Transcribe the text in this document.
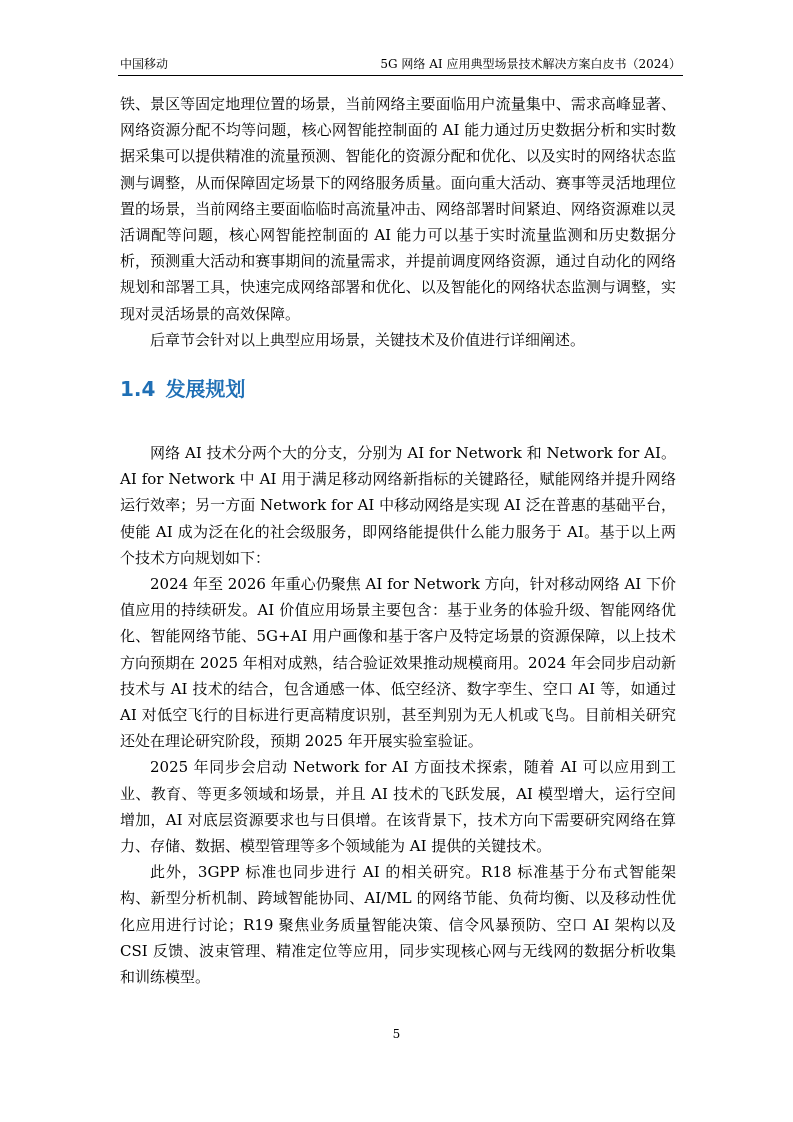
中国移动	5G 网络 AI 应用典型场景技术解决方案白皮书（2024）

铁、景区等固定地理位置的场景，当前网络主要面临用户流量集中、需求高峰显著、网络资源分配不均等问题，核心网智能控制面的 AI 能力通过历史数据分析和实时数据采集可以提供精准的流量预测、智能化的资源分配和优化、以及实时的网络状态监测与调整，从而保障固定场景下的网络服务质量。面向重大活动、赛事等灵活地理位置的场景，当前网络主要面临临时高流量冲击、网络部署时间紧迫、网络资源难以灵活调配等问题，核心网智能控制面的 AI 能力可以基于实时流量监测和历史数据分析，预测重大活动和赛事期间的流量需求，并提前调度网络资源，通过自动化的网络规划和部署工具，快速完成网络部署和优化、以及智能化的网络状态监测与调整，实现对灵活场景的高效保障。

后章节会针对以上典型应用场景，关键技术及价值进行详细阐述。

1.4 发展规划

网络 AI 技术分两个大的分支，分别为 AI for Network 和 Network for AI。AI for Network 中 AI 用于满足移动网络新指标的关键路径，赋能网络并提升网络运行效率；另一方面 Network for AI 中移动网络是实现 AI 泛在普惠的基础平台，使能 AI 成为泛在化的社会级服务，即网络能提供什么能力服务于 AI。基于以上两个技术方向规划如下：

2024 年至 2026 年重心仍聚焦 AI for Network 方向，针对移动网络 AI 下价值应用的持续研发。AI 价值应用场景主要包含：基于业务的体验升级、智能网络优化、智能网络节能、5G+AI 用户画像和基于客户及特定场景的资源保障，以上技术方向预期在 2025 年相对成熟，结合验证效果推动规模商用。2024 年会同步启动新技术与 AI 技术的结合，包含通感一体、低空经济、数字孪生、空口 AI 等，如通过 AI 对低空飞行的目标进行更高精度识别，甚至判别为无人机或飞鸟。目前相关研究还处在理论研究阶段，预期 2025 年开展实验室验证。

2025 年同步会启动 Network for AI 方面技术探索，随着 AI 可以应用到工业、教育、等更多领域和场景，并且 AI 技术的飞跃发展，AI 模型增大，运行空间增加，AI 对底层资源要求也与日俱增。在该背景下，技术方向下需要研究网络在算力、存储、数据、模型管理等多个领域能为 AI 提供的关键技术。

此外，3GPP 标准也同步进行 AI 的相关研究。R18 标准基于分布式智能架构、新型分析机制、跨域智能协同、AI/ML 的网络节能、负荷均衡、以及移动性优化应用进行讨论；R19 聚焦业务质量智能决策、信令风暴预防、空口 AI 架构以及 CSI 反馈、波束管理、精准定位等应用，同步实现核心网与无线网的数据分析收集和训练模型。

5
